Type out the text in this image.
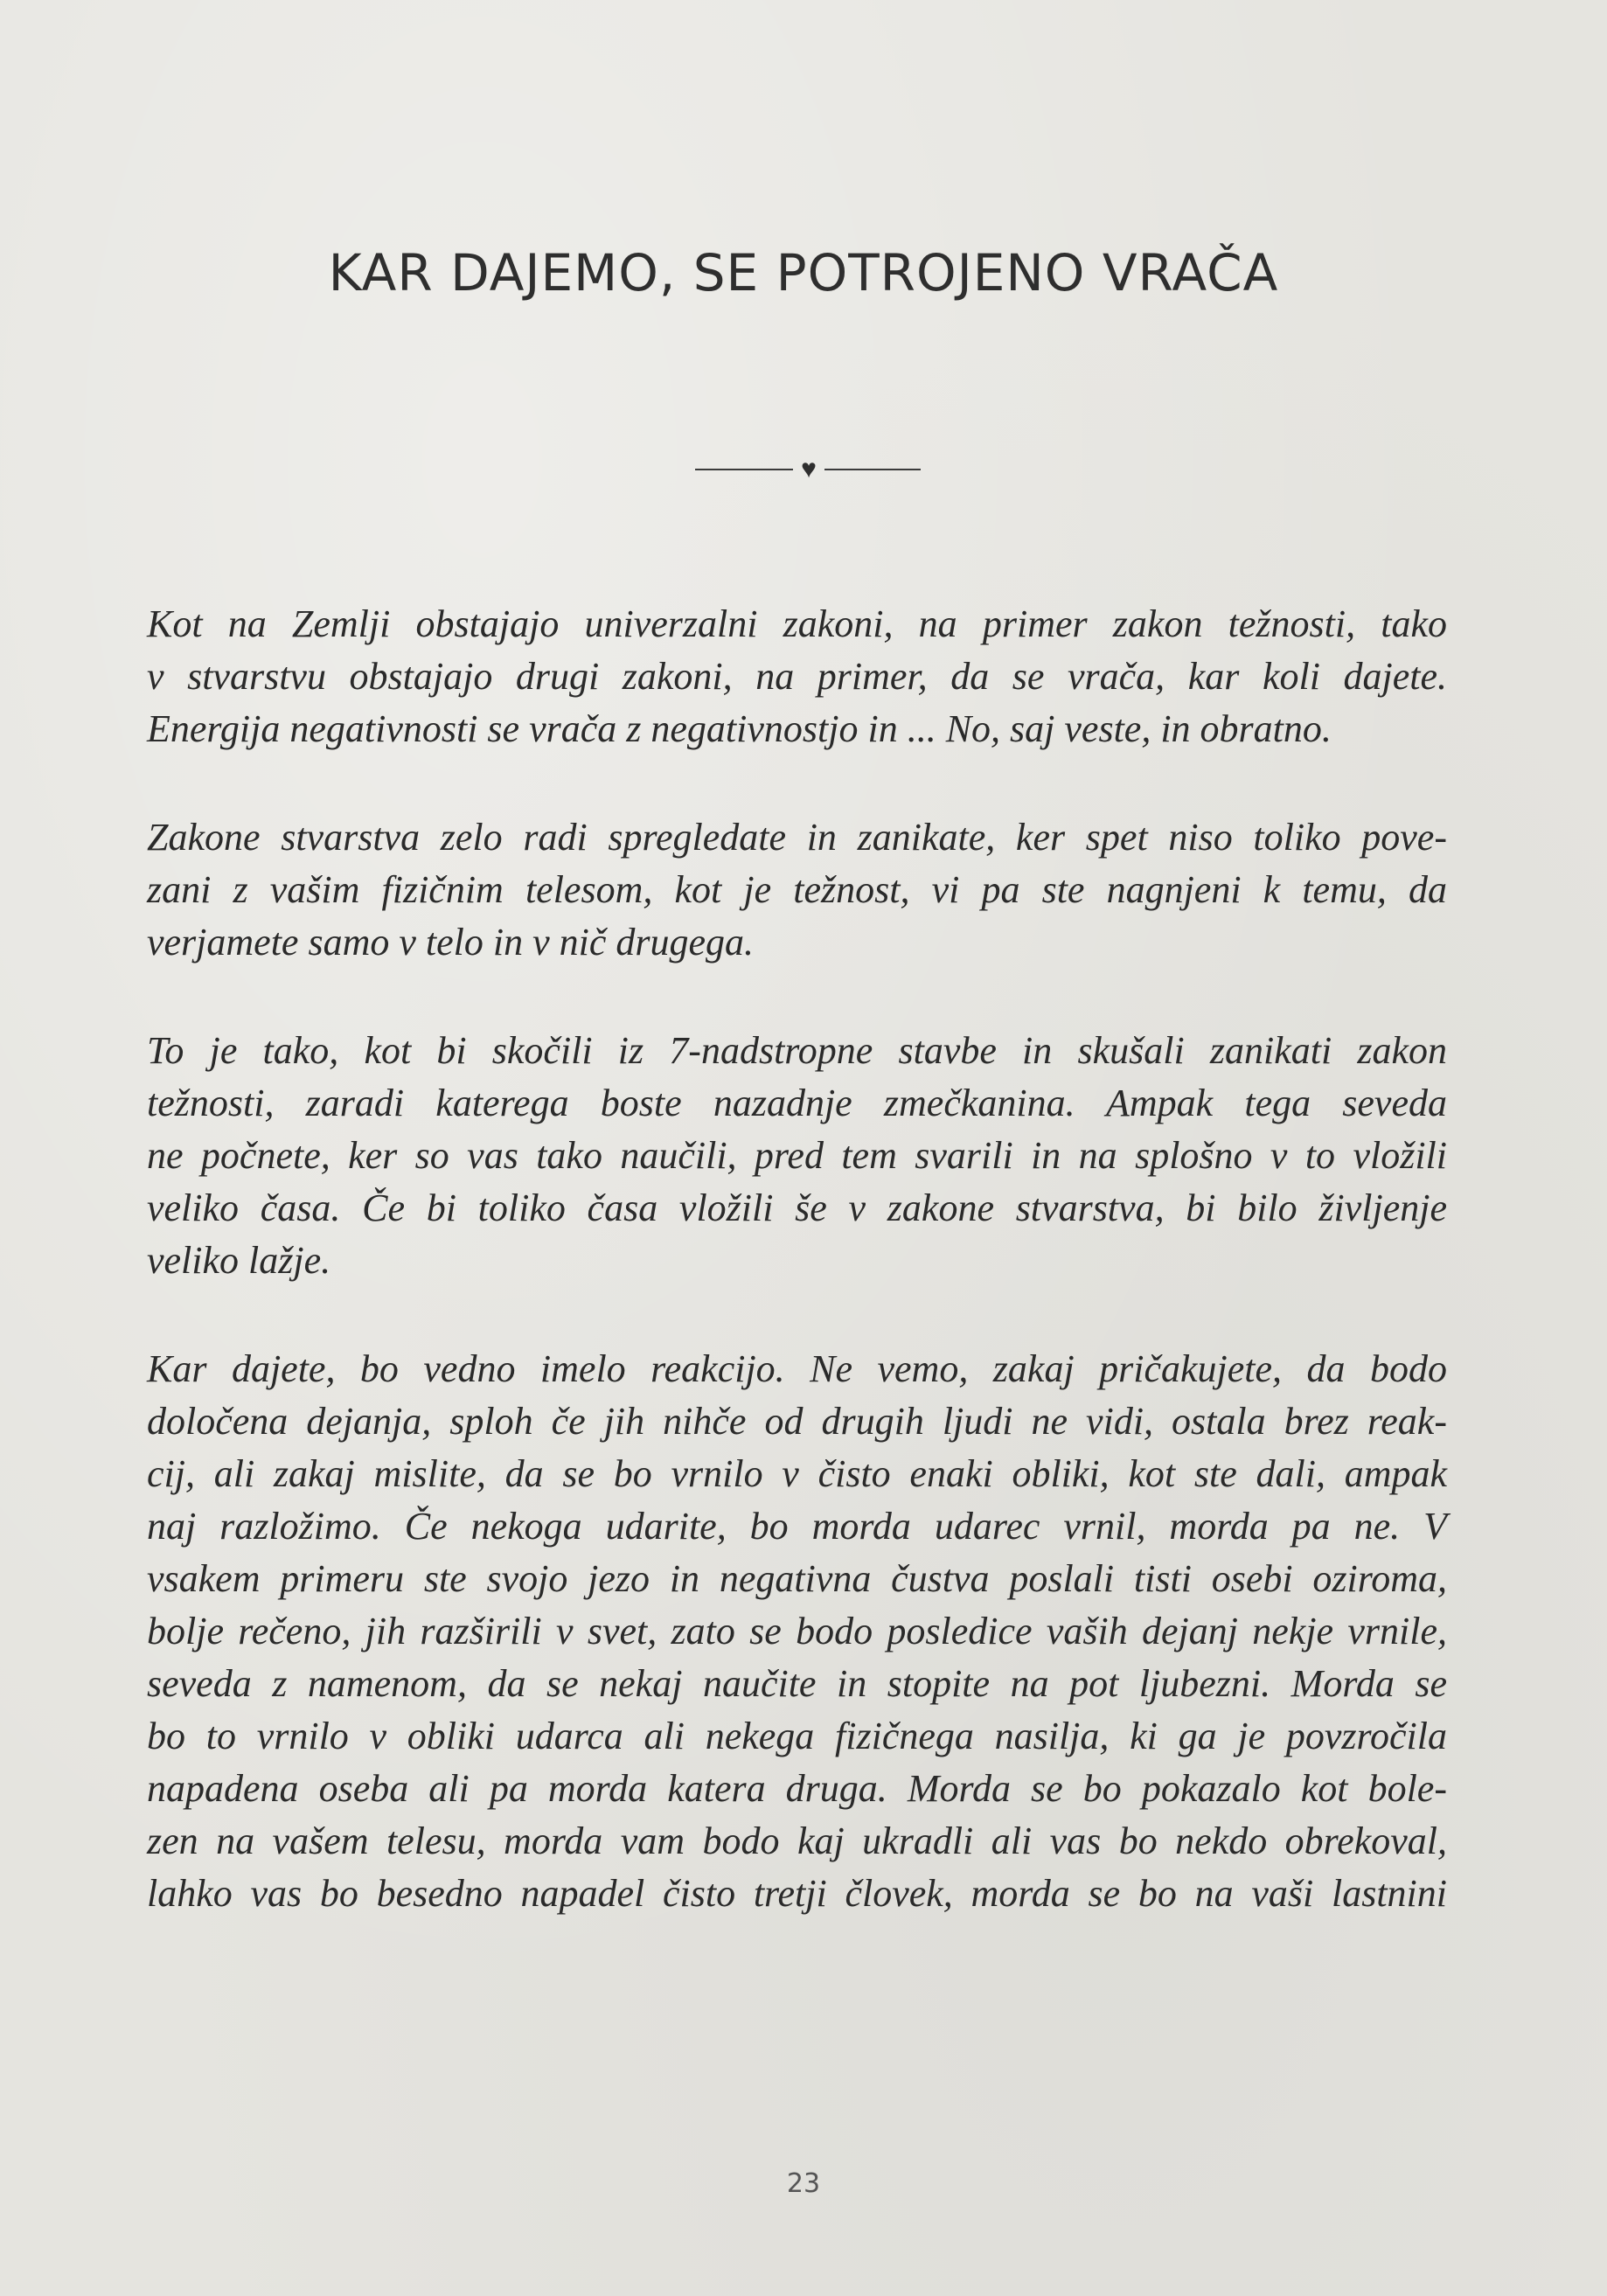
KAR DAJEMO, SE POTROJENO VRAČA
♥

Kot na Zemlji obstajajo univerzalni zakoni, na primer zakon težnosti, tako
v stvarstvu obstajajo drugi zakoni, na primer, da se vrača, kar koli dajete.
Energija negativnosti se vrača z negativnostjo in ... No, saj veste, in obratno.

Zakone stvarstva zelo radi spregledate in zanikate, ker spet niso toliko pove-
zani z vašim fizičnim telesom, kot je težnost, vi pa ste nagnjeni k temu, da
verjamete samo v telo in v nič drugega.

To je tako, kot bi skočili iz 7-nadstropne stavbe in skušali zanikati zakon
težnosti, zaradi katerega boste nazadnje zmečkanina. Ampak tega seveda
ne počnete, ker so vas tako naučili, pred tem svarili in na splošno v to vložili
veliko časa. Če bi toliko časa vložili še v zakone stvarstva, bi bilo življenje
veliko lažje.

Kar dajete, bo vedno imelo reakcijo. Ne vemo, zakaj pričakujete, da bodo
določena dejanja, sploh če jih nihče od drugih ljudi ne vidi, ostala brez reak-
cij, ali zakaj mislite, da se bo vrnilo v čisto enaki obliki, kot ste dali, ampak
naj razložimo. Če nekoga udarite, bo morda udarec vrnil, morda pa ne. V
vsakem primeru ste svojo jezo in negativna čustva poslali tisti osebi oziroma,
bolje rečeno, jih razširili v svet, zato se bodo posledice vaših dejanj nekje vrnile,
seveda z namenom, da se nekaj naučite in stopite na pot ljubezni. Morda se
bo to vrnilo v obliki udarca ali nekega fizičnega nasilja, ki ga je povzročila
napadena oseba ali pa morda katera druga. Morda se bo pokazalo kot bole-
zen na vašem telesu, morda vam bodo kaj ukradli ali vas bo nekdo obrekoval,
lahko vas bo besedno napadel čisto tretji človek, morda se bo na vaši lastnini

23
